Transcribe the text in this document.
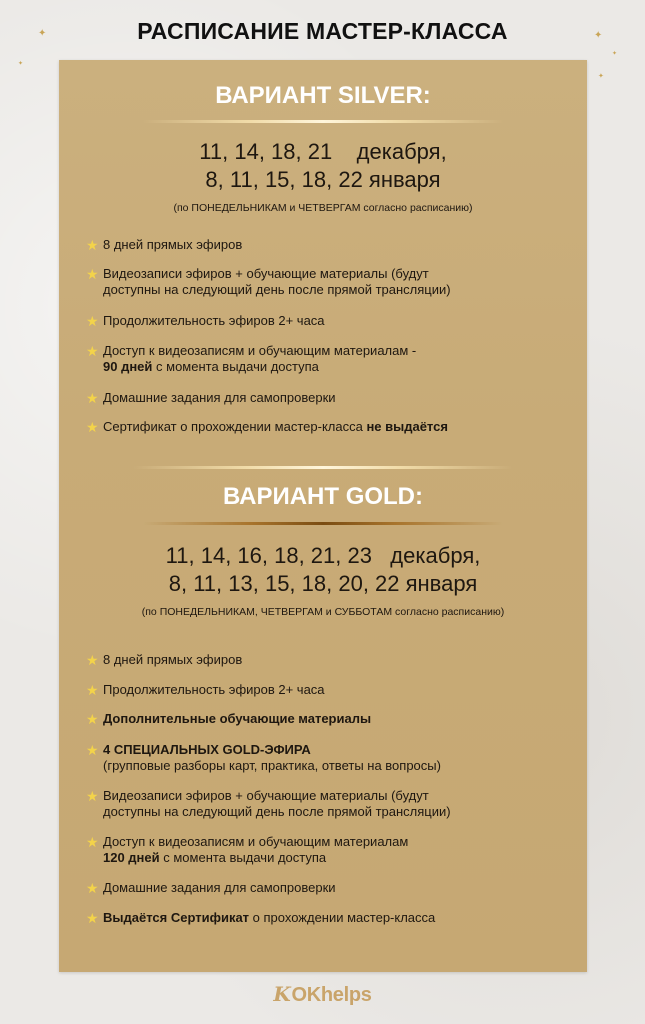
РАСПИСАНИЕ МАСТЕР-КЛАССА
✦
✦
✦
✦
✦
ВАРИАНТ SILVER:
11, 14, 18, 21    декабря,
8, 11, 15, 18, 22 января
(по ПОНЕДЕЛЬНИКАМ и ЧЕТВЕРГАМ согласно расписанию)
★ 8 дней прямых эфиров
★ Видеозаписи эфиров + обучающие материалы (будут
доступны на следующий день после прямой трансляции)
★ Продолжительность эфиров 2+ часа
★ Доступ к видеозаписям и обучающим материалам -
90 дней с момента выдачи доступа
★ Домашние задания для самопроверки
★ Сертификат о прохождении мастер-класса не выдаётся
ВАРИАНТ GOLD:
11, 14, 16, 18, 21, 23   декабря,
8, 11, 13, 15, 18, 20, 22 января
(по ПОНЕДЕЛЬНИКАМ, ЧЕТВЕРГАМ и СУББОТАМ согласно расписанию)
★ 8 дней прямых эфиров
★ Продолжительность эфиров 2+ часа
★ Дополнительные обучающие материалы
★ 4 СПЕЦИАЛЬНЫХ GOLD-ЭФИРА
(групповые разборы карт, практика, ответы на вопросы)
★ Видеозаписи эфиров + обучающие материалы (будут
доступны на следующий день после прямой трансляции)
★ Доступ к видеозаписям и обучающим материалам
120 дней с момента выдачи доступа
★ Домашние задания для самопроверки
★ Выдаётся Сертификат о прохождении мастер-класса
KOKhelps
